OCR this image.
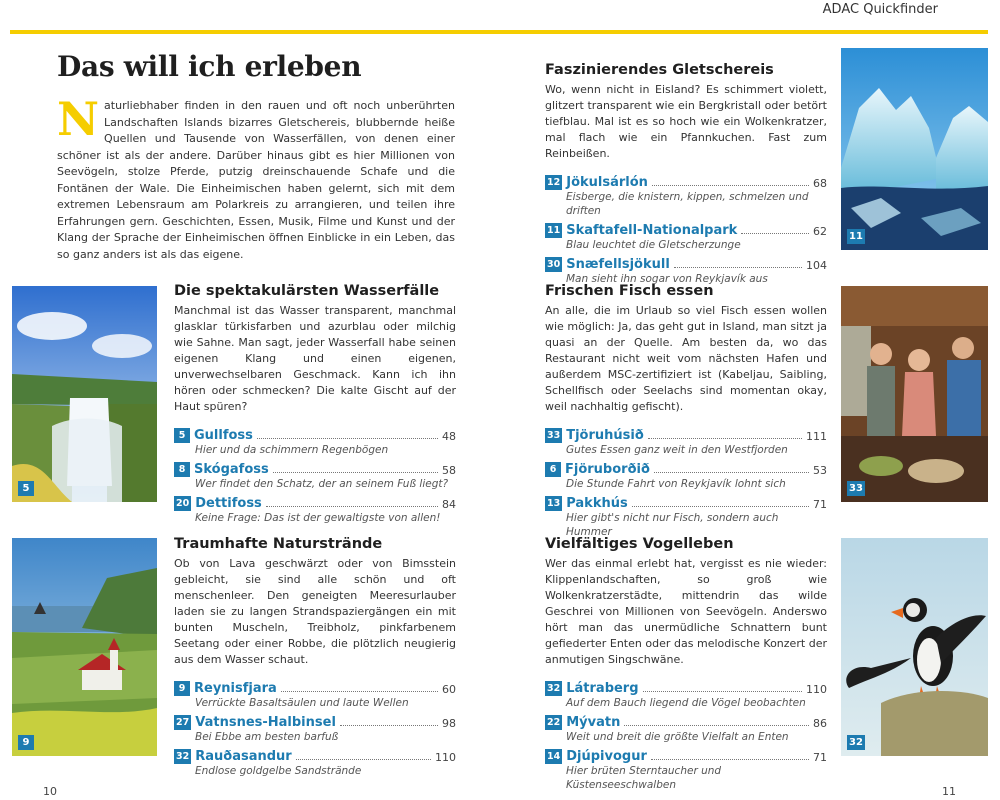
ADAC Quickfinder
Das will ich erleben
N aturliebhaber finden in den rauen und oft noch unberührten Landschaften Islands bizarres Gletschereis, blubbernde heiße Quellen und Tausende von Wasserfällen, von denen einer schöner ist als der andere. Darüber hinaus gibt es hier Millionen von Seevögeln, stolze Pferde, putzig dreinschauende Schafe und die Fontänen der Wale. Die Einheimischen haben gelernt, sich mit dem extremen Lebensraum am Polarkreis zu arrangieren, und teilen ihre Erfahrungen gern. Geschichten, Essen, Musik, Filme und Kunst und der Klang der Sprache der Einheimischen öffnen Einblicke in ein Leben, das so ganz anders ist als das eigene.

11
Faszinierendes Gletschereis

Wo, wenn nicht in Eisland? Es schimmert violett, glitzert transparent wie ein Bergkristall oder betört tiefblau. Mal ist es so hoch wie ein Wolkenkratzer, mal flach wie ein Pfannkuchen. Fast zum Reinbeißen.

12 Jökulsárlón	68
Eisberge, die knistern, kippen, schmelzen und driften
11 Skaftafell-Nationalpark	62
Blau leuchtet die Gletscherzunge
30 Snæfellsjökull	104
Man sieht ihn sogar von Reykjavík aus
5
Die spektakulärsten Wasserfälle

Manchmal ist das Wasser transparent, manchmal glasklar türkisfarben und azurblau oder milchig wie Sahne. Man sagt, jeder Wasserfall habe seinen eigenen Klang und einen eigenen, unverwechselbaren Geschmack. Kann ich ihn hören oder schmecken? Die kalte Gischt auf der Haut spüren?

5 Gullfoss	48
Hier und da schimmern Regenbögen
8 Skógafoss	58
Wer findet den Schatz, der an seinem Fuß liegt?
20 Dettifoss	84
Keine Frage: Das ist der gewaltigste von allen!
Frischen Fisch essen

An alle, die im Urlaub so viel Fisch essen wollen wie möglich: Ja, das geht gut in Island, man sitzt ja quasi an der Quelle. Am besten da, wo das Restaurant nicht weit vom nächsten Hafen und außerdem MSC-zertifiziert ist (Kabeljau, Saibling, Schellfisch oder Seelachs sind momentan okay, weil nachhaltig gefischt).

33 Tjöruhúsið	111
Gutes Essen ganz weit in den Westfjorden
6 Fjöruborðið	53
Die Stunde Fahrt von Reykjavík lohnt sich
13 Pakkhús	71
Hier gibt's nicht nur Fisch, sondern auch Hummer
33
9
Traumhafte Naturstrände

Ob von Lava geschwärzt oder von Bimsstein gebleicht, sie sind alle schön und oft menschenleer. Den geneigten Meeresurlauber laden sie zu langen Strandspaziergängen ein mit bunten Muscheln, Treibholz, pinkfarbenem Seetang oder einer Robbe, die plötzlich neugierig aus dem Wasser schaut.

9 Reynisfjara	60
Verrückte Basaltsäulen und laute Wellen
27 Vatnsnes-Halbinsel	98
Bei Ebbe am besten barfuß
32 Rauðasandur	110
Endlose goldgelbe Sandstrände
Vielfältiges Vogelleben

Wer das einmal erlebt hat, vergisst es nie wieder: Klippenlandschaften, so groß wie Wolkenkratzerstädte, mittendrin das wilde Geschrei von Millionen von Seevögeln. Anderswo hört man das unermüdliche Schnattern bunt gefiederter Enten oder das melodische Konzert der anmutigen Singschwäne.

32 Látraberg	110
Auf dem Bauch liegend die Vögel beobachten
22 Mývatn	86
Weit und breit die größte Vielfalt an Enten
14 Djúpivogur	71
Hier brüten Sterntaucher und Küstenseeschwalben
32
10	11
